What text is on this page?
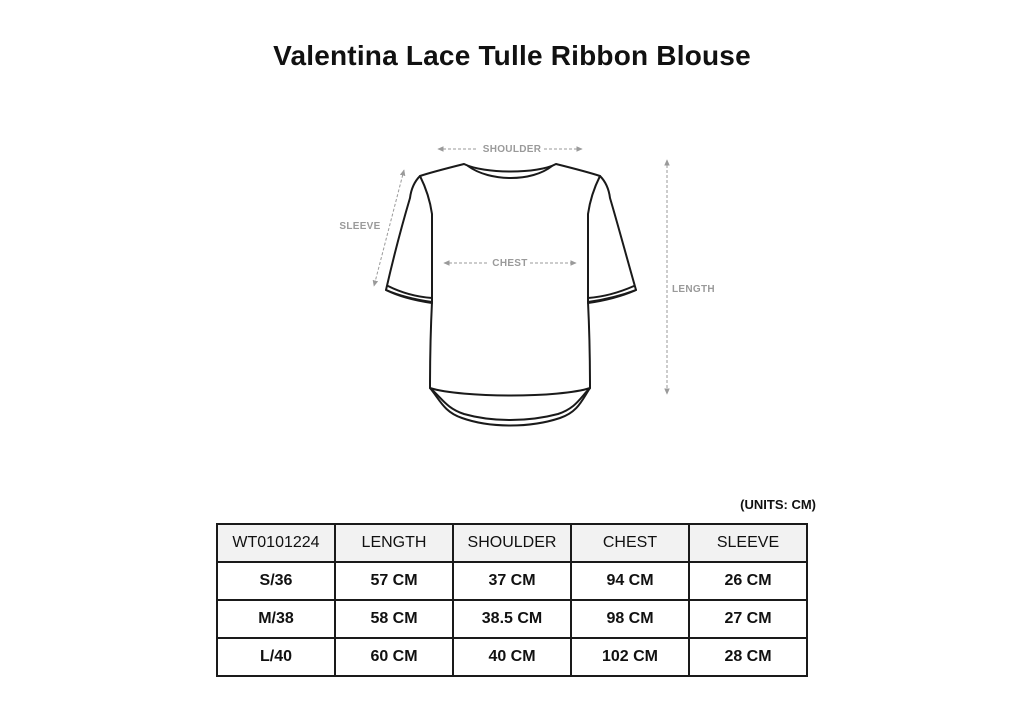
Valentina Lace Tulle Ribbon Blouse
SHOULDER
CHEST
SLEEVE
LENGTH
(UNITS: CM)
WT0101224	LENGTH	SHOULDER	CHEST	SLEEVE
S/36	57 CM	37 CM	94 CM	26 CM
M/38	58 CM	38.5 CM	98 CM	27 CM
L/40	60 CM	40 CM	102 CM	28 CM
